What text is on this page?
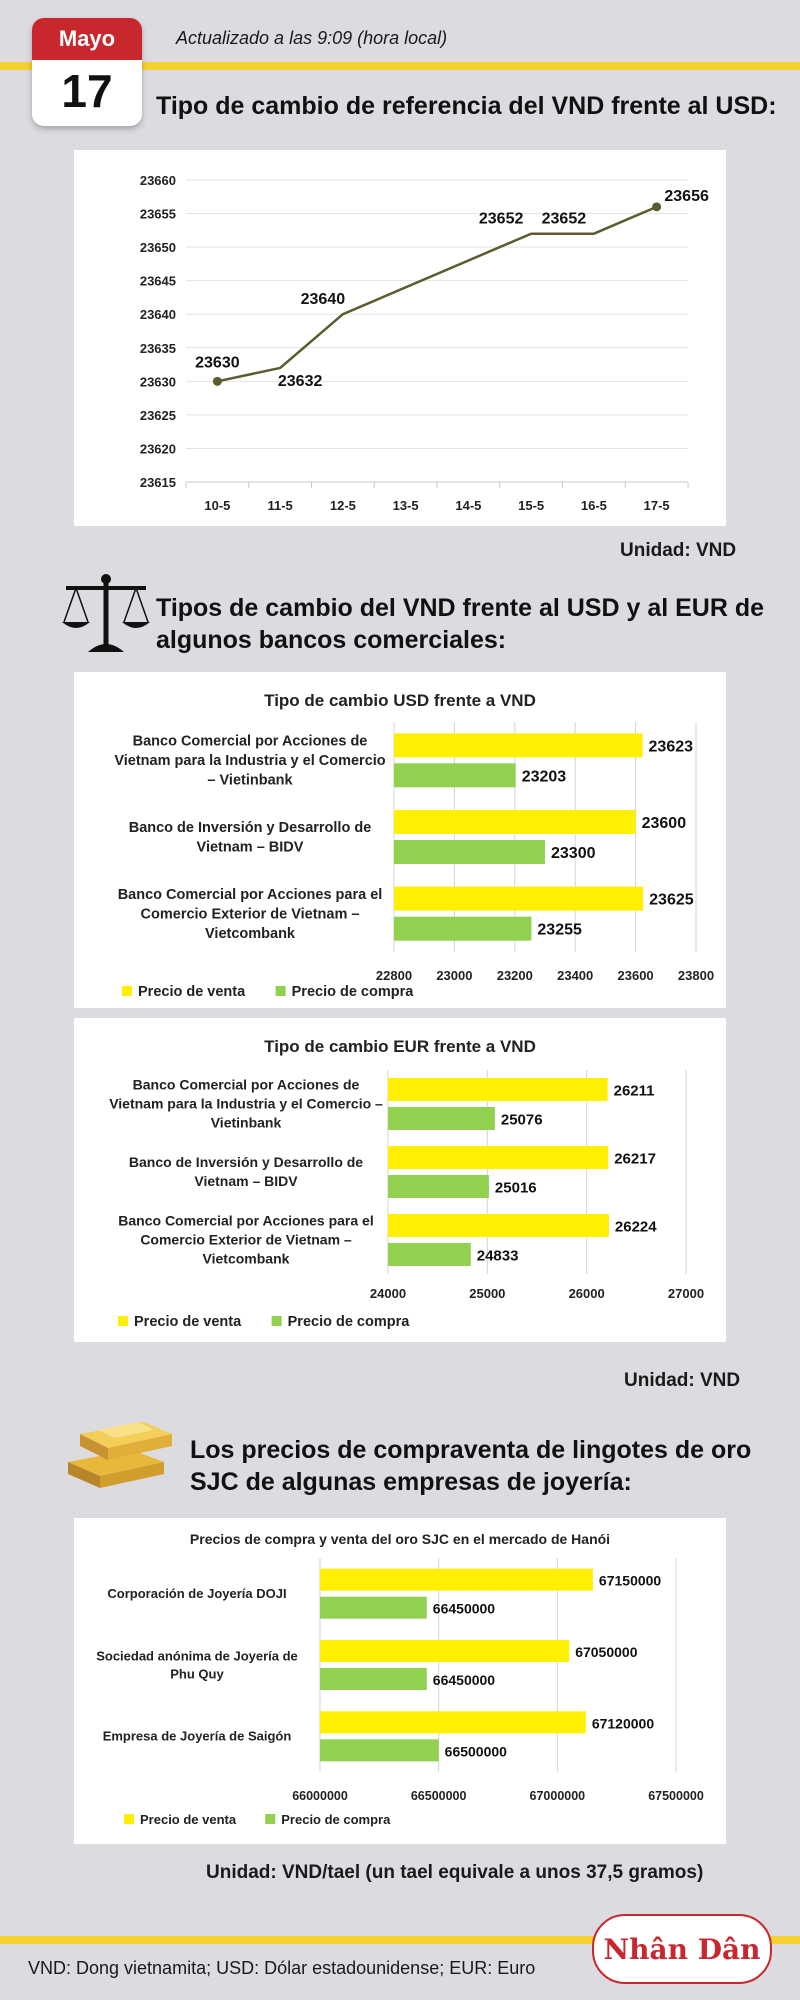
Mayo
17
Actualizado a las 9:09 (hora local)
Tipo de cambio de referencia del VND frente al USD:
23660
23655
23650
23645
23640
23635
23630
23625
23620
23615
10-5	11-5	12-5	13-5	14-5	15-5	16-5	17-5
23630
23632
23640
23652 23652
23656
Unidad: VND
Tipos de cambio del VND frente al USD y al EUR de
algunos bancos comerciales:
Tipo de cambio USD frente a VND
22800 23000 23200 23400 23600 23800
23623
23203
Banco Comercial por Acciones de
Vietnam para la Industria y el Comercio
– Vietinbank
23600
23300
Banco de Inversión y Desarrollo de
Vietnam – BIDV
23625
23255
Banco Comercial por Acciones para el
Comercio Exterior de Vietnam –
Vietcombank
Precio de venta	Precio de compra
Tipo de cambio EUR frente a VND
24000	25000	26000	27000
26211
25076
Banco Comercial por Acciones de
Vietnam para la Industria y el Comercio –
Vietinbank
26217
25016
Banco de Inversión y Desarrollo de
Vietnam – BIDV
26224
24833
Banco Comercial por Acciones para el
Comercio Exterior de Vietnam –
Vietcombank
Precio de venta	Precio de compra
Unidad: VND
Los precios de compraventa de lingotes de oro
SJC de algunas empresas de joyería:
Precios de compra y venta del oro SJC en el mercado de Hanói
66000000	66500000	67000000	67500000
67150000
66450000
Corporación de Joyería DOJI
67050000
66450000
Sociedad anónima de Joyería de
Phu Quy
67120000
66500000
Empresa de Joyería de Saigón
Precio de venta	Precio de compra
Unidad: VND/tael (un tael equivale a unos 37,5 gramos)
VND: Dong vietnamita; USD: Dólar estadounidense; EUR: Euro
Nhân Dân
